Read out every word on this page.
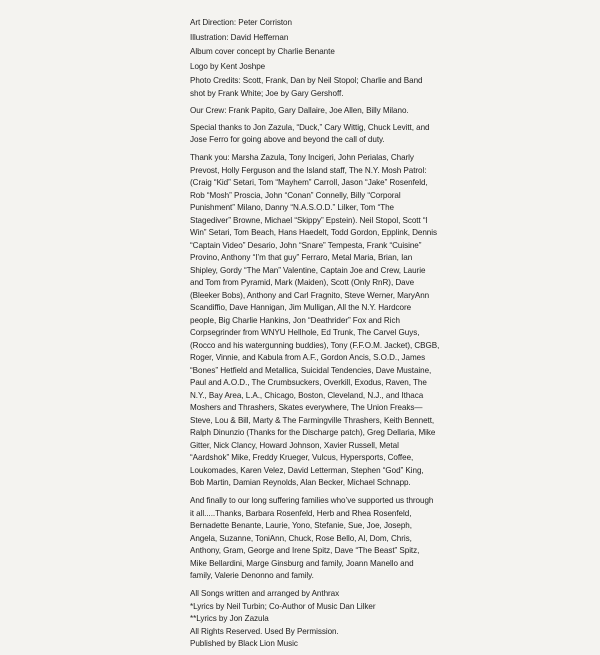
Art Direction: Peter Corriston
Illustration: David Heffernan
Album cover concept by Charlie Benante
Logo by Kent Joshpe
Photo Credits: Scott, Frank, Dan by Neil Stopol; Charlie and Band
shot by Frank White; Joe by Gary Gershoff.
Our Crew: Frank Papito, Gary Dallaire, Joe Allen, Billy Milano.
Special thanks to Jon Zazula, “Duck,” Cary Wittig, Chuck Levitt, and
Jose Ferro for going above and beyond the call of duty.
Thank you: Marsha Zazula, Tony Incigeri, John Perialas, Charly
Prevost, Holly Ferguson and the Island staff, The N.Y. Mosh Patrol:
(Craig “Kid” Setari, Tom “Mayhem” Carroll, Jason “Jake” Rosenfeld,
Rob “Mosh” Proscia, John “Conan” Connelly, Billy “Corporal
Punishment” Milano, Danny “N.A.S.O.D.” Lilker, Tom “The
Stagediver” Browne, Michael “Skippy” Epstein). Neil Stopol, Scott “I
Win” Setari, Tom Beach, Hans Haedelt, Todd Gordon, Epplink, Dennis
“Captain Video” Desario, John “Snare” Tempesta, Frank “Cuisine”
Provino, Anthony “I’m that guy” Ferraro, Metal Maria, Brian, Ian
Shipley, Gordy “The Man” Valentine, Captain Joe and Crew, Laurie
and Tom from Pyramid, Mark (Maiden), Scott (Only RnR), Dave
(Bleeker Bobs), Anthony and Carl Fragnito, Steve Werner, MaryAnn
Scandiffio, Dave Hannigan, Jim Mulligan, All the N.Y. Hardcore
people, Big Charlie Hankins, Jon “Deathrider” Fox and Rich
Corpsegrinder from WNYU Hellhole, Ed Trunk, The Carvel Guys,
(Rocco and his watergunning buddies), Tony (F.F.O.M. Jacket), CBGB,
Roger, Vinnie, and Kabula from A.F., Gordon Ancis, S.O.D., James
“Bones” Hetfield and Metallica, Suicidal Tendencies, Dave Mustaine,
Paul and A.O.D., The Crumbsuckers, Overkill, Exodus, Raven, The
N.Y., Bay Area, L.A., Chicago, Boston, Cleveland, N.J., and Ithaca
Moshers and Thrashers, Skates everywhere, The Union Freaks—
Steve, Lou & Bill, Marty & The Farmingville Thrashers, Keith Bennett,
Ralph Dinunzio (Thanks for the Discharge patch), Greg Dellaria, Mike
Gitter, Nick Clancy, Howard Johnson, Xavier Russell, Metal
“Aardshok” Mike, Freddy Krueger, Vulcus, Hypersports, Coffee,
Loukomades, Karen Velez, David Letterman, Stephen “God” King,
Bob Martin, Damian Reynolds, Alan Becker, Michael Schnapp.
And finally to our long suffering families who’ve supported us through
it all.....Thanks, Barbara Rosenfeld, Herb and Rhea Rosenfeld,
Bernadette Benante, Laurie, Yono, Stefanie, Sue, Joe, Joseph,
Angela, Suzanne, ToniAnn, Chuck, Rose Bello, Al, Dom, Chris,
Anthony, Gram, George and Irene Spitz, Dave “The Beast” Spitz,
Mike Bellardini, Marge Ginsburg and family, Joann Manello and
family, Valerie Denonno and family.
All Songs written and arranged by Anthrax
*Lyrics by Neil Turbin; Co-Author of Music Dan Lilker
**Lyrics by Jon Zazula
All Rights Reserved. Used By Permission.
Published by Black Lion Music
